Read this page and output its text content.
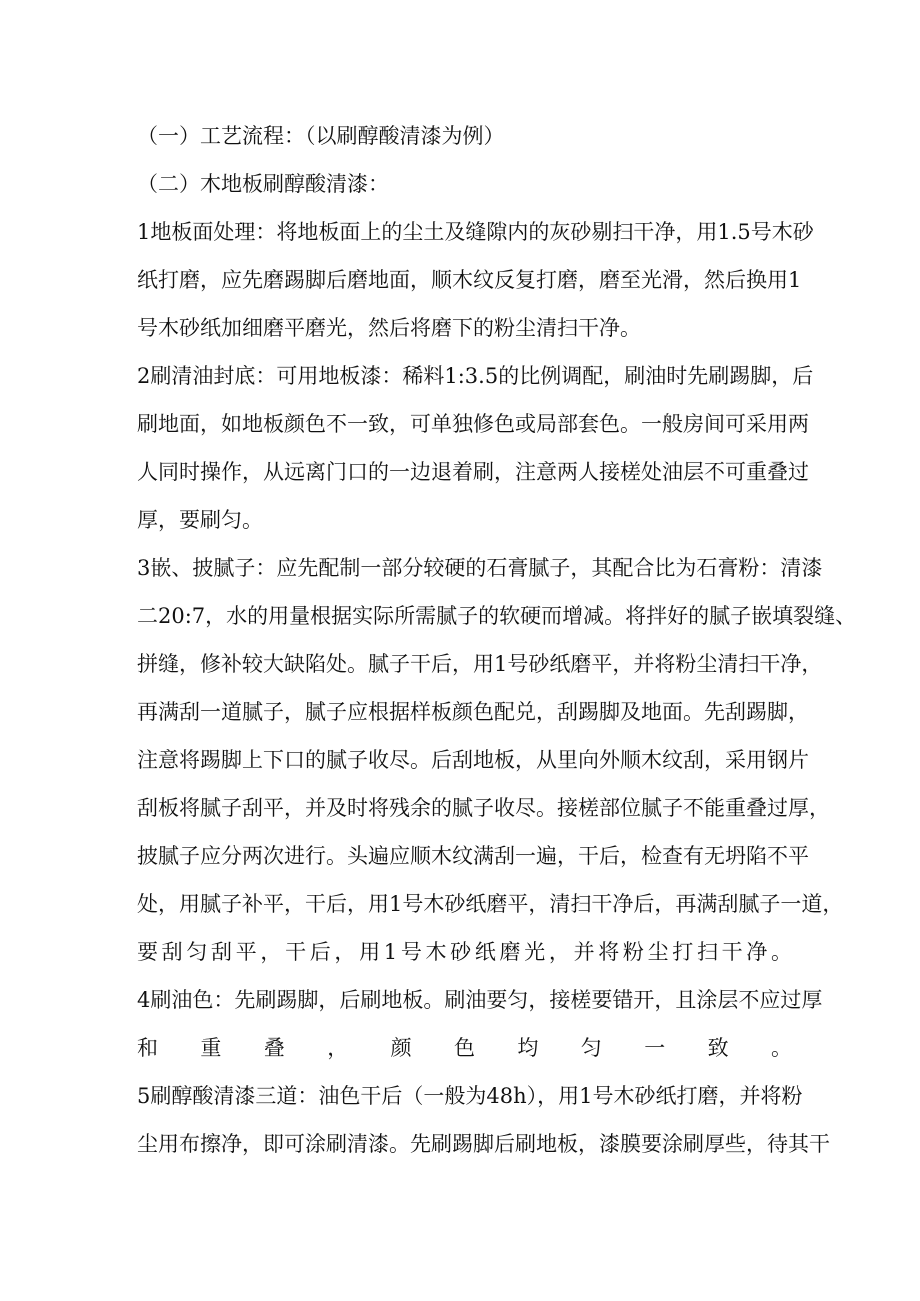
（一）工艺流程：（以刷醇酸清漆为例）
（二）木地板刷醇酸清漆：
1地板面处理：将地板面上的尘土及缝隙内的灰砂剔扫干净，用1.5号木砂
纸打磨，应先磨踢脚后磨地面，顺木纹反复打磨，磨至光滑，然后换用1
号木砂纸加细磨平磨光，然后将磨下的粉尘清扫干净。
2刷清油封底：可用地板漆：稀料1:3.5的比例调配，刷油时先刷踢脚，后
刷地面，如地板颜色不一致，可单独修色或局部套色。一般房间可采用两
人同时操作，从远离门口的一边退着刷，注意两人接槎处油层不可重叠过
厚，要刷匀。
3嵌、披腻子：应先配制一部分较硬的石膏腻子，其配合比为石膏粉：清漆
二20:7，水的用量根据实际所需腻子的软硬而增减。将拌好的腻子嵌填裂缝、
拼缝，修补较大缺陷处。腻子干后，用1号砂纸磨平，并将粉尘清扫干净，
再满刮一道腻子，腻子应根据样板颜色配兑，刮踢脚及地面。先刮踢脚，
注意将踢脚上下口的腻子收尽。后刮地板，从里向外顺木纹刮，采用钢片
刮板将腻子刮平，并及时将残余的腻子收尽。接槎部位腻子不能重叠过厚，
披腻子应分两次进行。头遍应顺木纹满刮一遍，干后，检查有无坍陷不平
处，用腻子补平，干后，用1号木砂纸磨平，清扫干净后，再满刮腻子一道，
要刮匀刮平，干后，用1号木砂纸磨光，并将粉尘打扫干净。
4刷油色：先刷踢脚，后刷地板。刷油要匀，接槎要错开，且涂层不应过厚
和重叠，颜色均匀一致。
5刷醇酸清漆三道：油色干后（一般为48h），用1号木砂纸打磨，并将粉
尘用布擦净，即可涂刷清漆。先刷踢脚后刷地板，漆膜要涂刷厚些，待其干
